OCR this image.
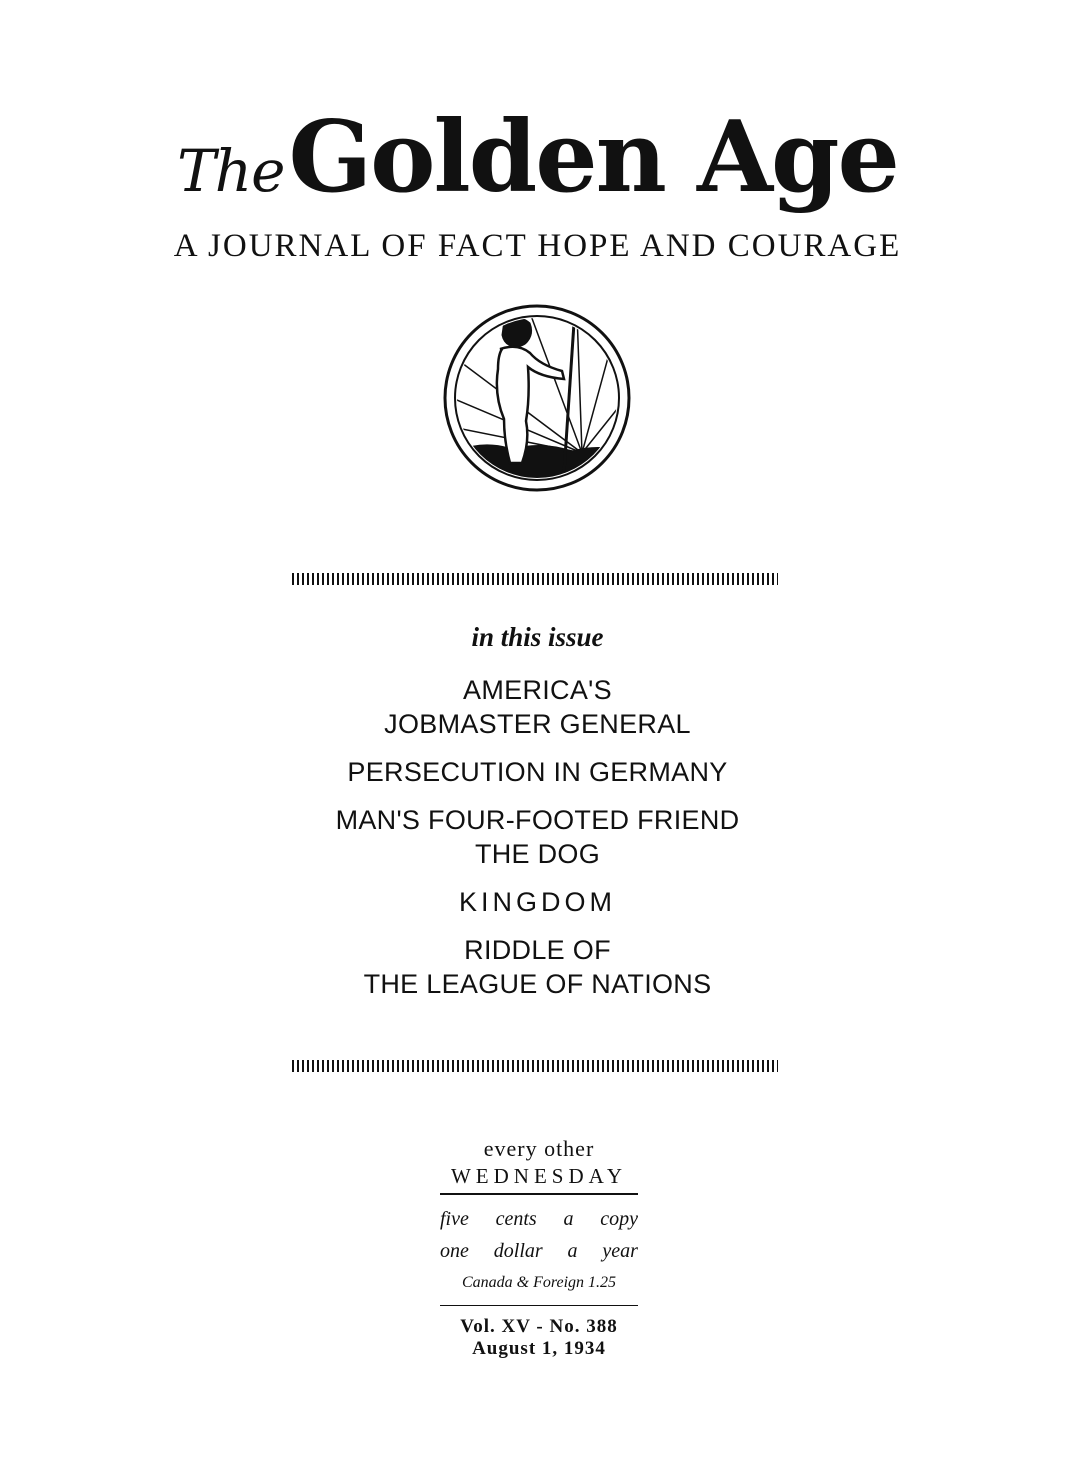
The Golden Age
A JOURNAL OF FACT HOPE AND COURAGE
in this issue
AMERICA'S
JOBMASTER GENERAL
PERSECUTION IN GERMANY
MAN'S FOUR-FOOTED FRIEND
THE DOG
KINGDOM
RIDDLE OF
THE LEAGUE OF NATIONS
every other
WEDNESDAY
five cents a copy
one dollar a year
Canada & Foreign 1.25
Vol. XV - No. 388
August 1, 1934
